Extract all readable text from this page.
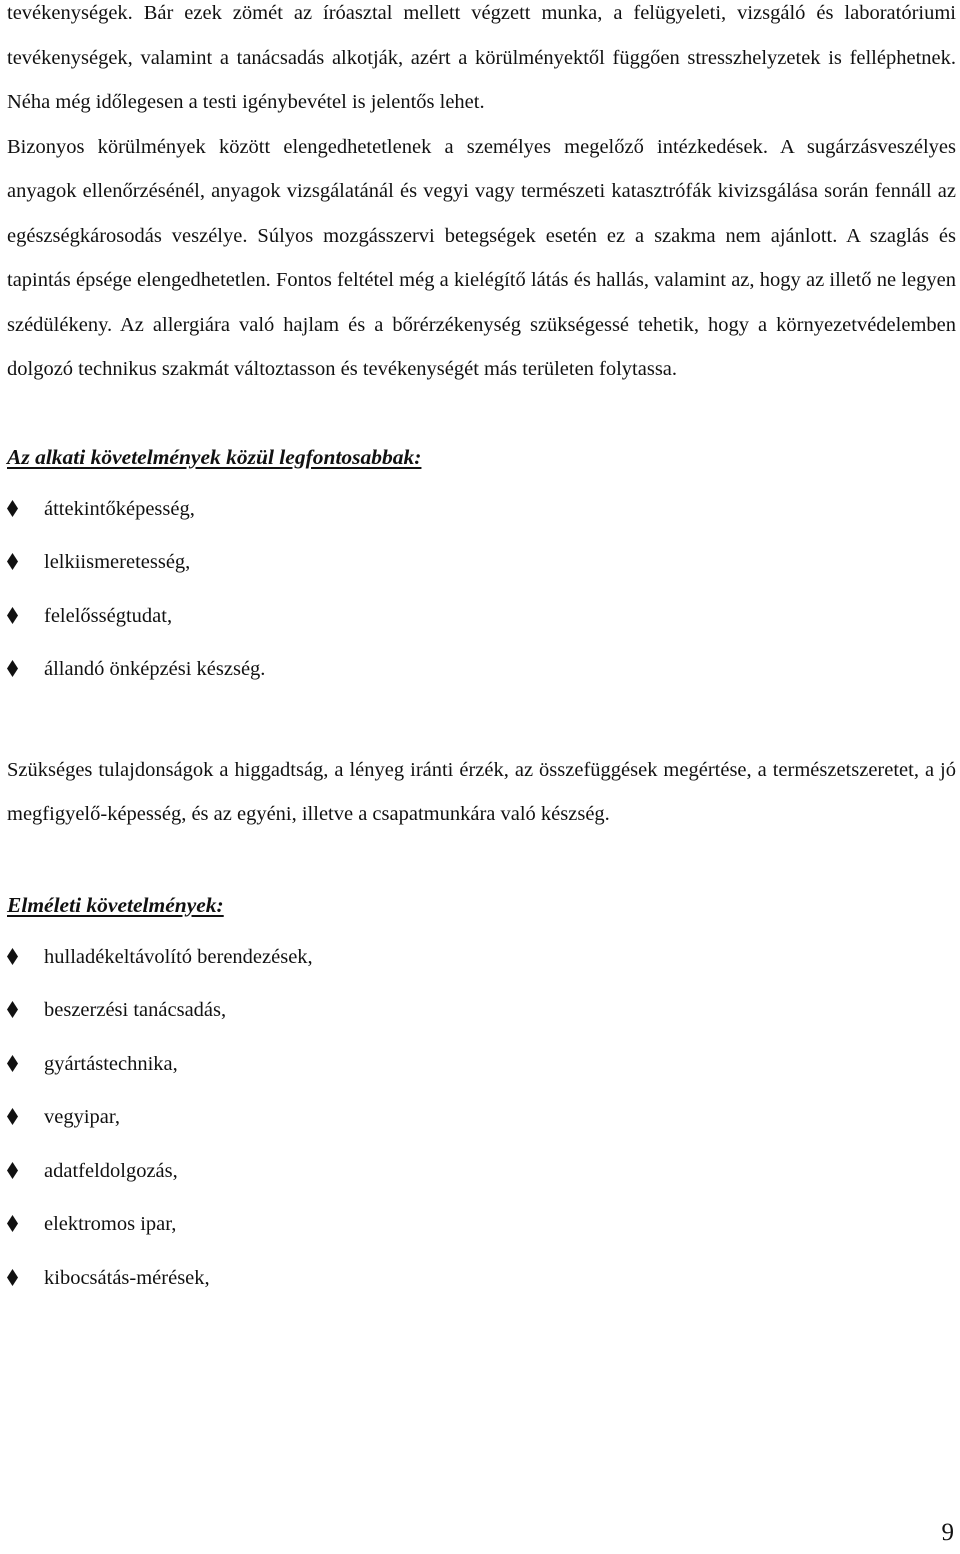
tevékenységek. Bár ezek zömét az íróasztal mellett végzett munka, a felügyeleti, vizsgáló és laboratóriumi tevékenységek, valamint a tanácsadás alkotják, azért a körülményektől függően stresszhelyzetek is felléphetnek. Néha még időlegesen a testi igénybevétel is jelentős lehet.

Bizonyos körülmények között elengedhetetlenek a személyes megelőző intézkedések. A sugárzásveszélyes anyagok ellenőrzésénél, anyagok vizsgálatánál és vegyi vagy természeti katasztrófák kivizsgálása során fennáll az egészségkárosodás veszélye. Súlyos mozgásszervi betegségek esetén ez a szakma nem ajánlott. A szaglás és tapintás épsége elengedhetetlen. Fontos feltétel még a kielégítő látás és hallás, valamint az, hogy az illető ne legyen szédülékeny. Az allergiára való hajlam és a bőrérzékenység szükségessé tehetik, hogy a környezetvédelemben dolgozó technikus szakmát változtasson és tevékenységét más területen folytassa.

Az alkati követelmények közül legfontosabbak:
áttekintőképesség,
lelkiismeretesség,
felelősségtudat,
állandó önképzési készség.

Szükséges tulajdonságok a higgadtság, a lényeg iránti érzék, az összefüggések megértése, a természetszeretet, a jó megfigyelő-képesség, és az egyéni, illetve a csapatmunkára való készség.

Elméleti követelmények:
hulladékeltávolító berendezések,
beszerzési tanácsadás,
gyártástechnika,
vegyipar,
adatfeldolgozás,
elektromos ipar,
kibocsátás-mérések,
9
